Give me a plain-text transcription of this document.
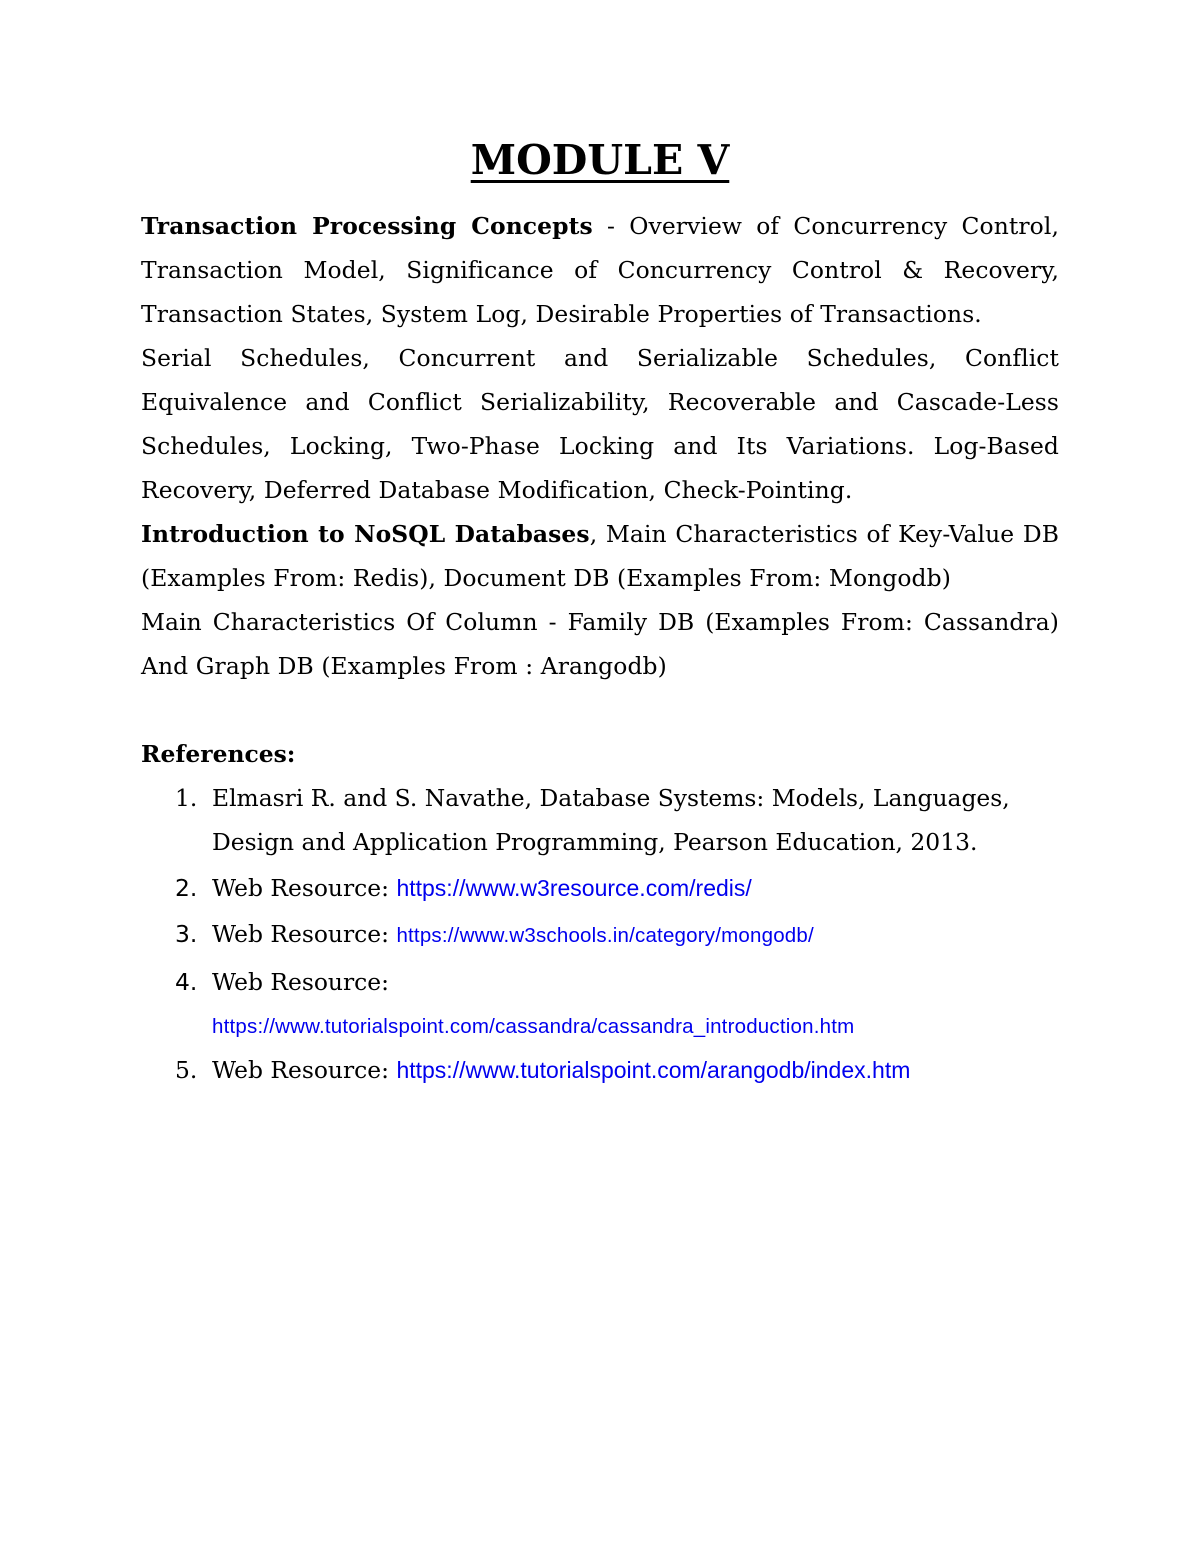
MODULE V

Transaction Processing Concepts - Overview of Concurrency Control, Transaction Model, Significance of Concurrency Control & Recovery, Transaction States, System Log, Desirable Properties of Transactions.

Serial Schedules, Concurrent and Serializable Schedules, Conflict Equivalence and Conflict Serializability, Recoverable and Cascade-Less Schedules, Locking, Two-Phase Locking and Its Variations. Log-Based Recovery, Deferred Database Modification, Check-Pointing.

Introduction to NoSQL Databases, Main Characteristics of Key-Value DB (Examples From: Redis), Document DB (Examples From: Mongodb)

Main Characteristics Of Column - Family DB (Examples From: Cassandra) And Graph DB (Examples From : Arangodb)

References:

1. Elmasri R. and S. Navathe, Database Systems: Models, Languages, Design and Application Programming, Pearson Education, 2013.
2. Web Resource: https://www.w3resource.com/redis/
3. Web Resource: https://www.w3schools.in/category/mongodb/
4. Web Resource:
https://www.tutorialspoint.com/cassandra/cassandra_introduction.htm
5. Web Resource: https://www.tutorialspoint.com/arangodb/index.htm
